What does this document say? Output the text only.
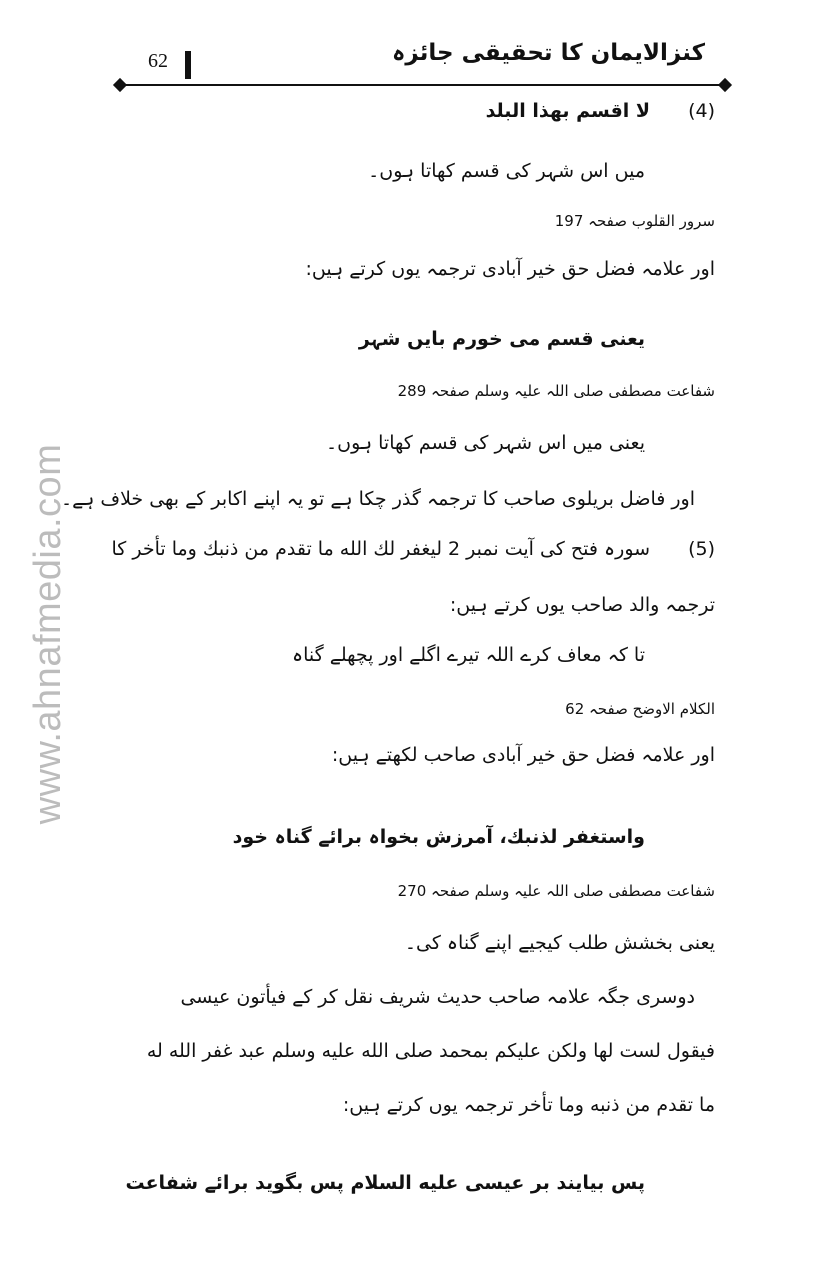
62	کنزالایمان کا تحقیقی جائزہ
www.ahnafmedia.com
(4)لا اقسم بھذا البلد
میں اس شہر کی قسم کھاتا ہوں۔
سرور القلوب صفحہ 197
اور علامہ فضل حق خیر آبادی ترجمہ یوں کرتے ہیں:
یعنی قسم می خورم بایں شہر
شفاعت مصطفی صلی اللہ علیہ وسلم صفحہ 289
یعنی میں اس شہر کی قسم کھاتا ہوں۔
اور فاضل بریلوی صاحب کا ترجمہ گذر چکا ہے تو یہ اپنے اکابر کے بھی خلاف ہے۔
(5)سورہ فتح کی آیت نمبر 2 لیغفر لك الله ما تقدم من ذنبك وما تأخر کا
ترجمہ والد صاحب یوں کرتے ہیں:
تا کہ معاف کرے اللہ تیرے اگلے اور پچھلے گناہ
الکلام الاوضح صفحہ 62
اور علامہ فضل حق خیر آبادی صاحب لکھتے ہیں:
واستغفر لذنبك، آمرزش بخواہ برائے گناہ خود
شفاعت مصطفی صلی اللہ علیہ وسلم صفحہ 270
یعنی بخشش طلب کیجیے اپنے گناہ کی۔
دوسری جگہ علامہ صاحب حدیث شریف نقل کر کے فیأتون عیسی
فیقول لست لھا ولکن علیکم بمحمد صلی الله علیه وسلم عبد غفر الله له
ما تقدم من ذنبه وما تأخر ترجمہ یوں کرتے ہیں:
پس بیایند بر عیسی علیه السلام پس بگوید برائے شفاعت
